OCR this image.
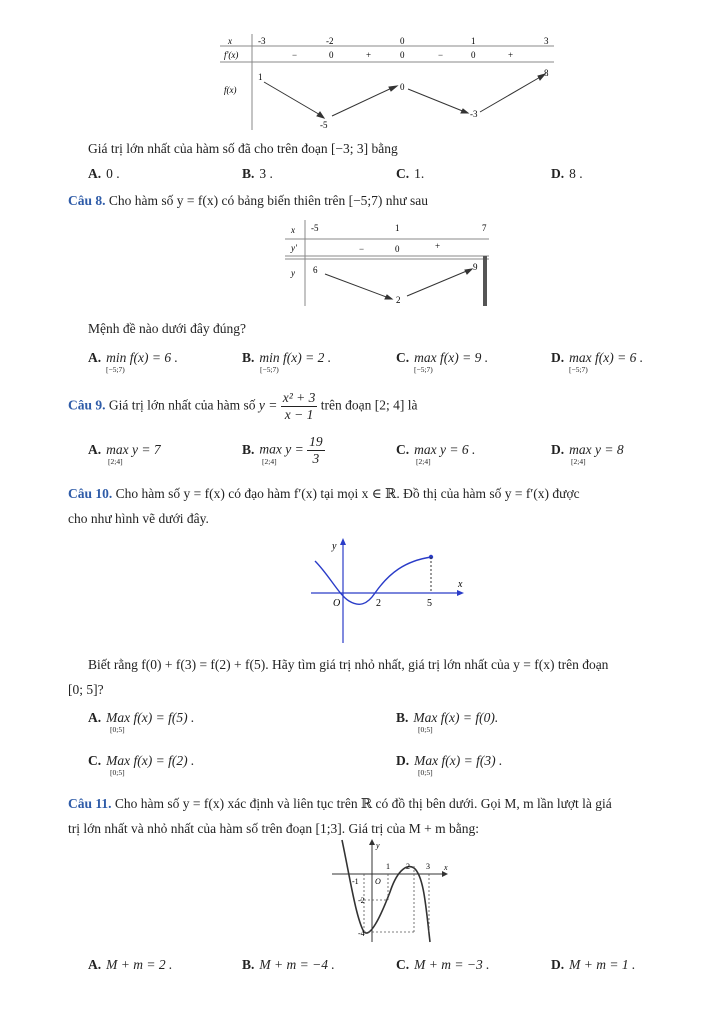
x	-3	-2	0	1	3
f'(x)	−	0	+	0	−	0	+
f(x)
1
-5
0
-3
8
Giá trị lớn nhất của hàm số đã cho trên đoạn [−3; 3] bằng
A. 0 .	B. 3 .	C. 1.	D. 8 .
Câu 8. Cho hàm số y = f(x) có bảng biến thiên trên [−5;7) như sau
x -5	1	7
y'	−	0	+
y 6
2
9
Mệnh đề nào dưới đây đúng?
A. min f(x) = 6 .
[−5;7)
B. min f(x) = 2 .
[−5;7)
C. max f(x) = 9 .
[−5;7)
D. max f(x) = 6 .
[−5;7)
Câu 9. Giá trị lớn nhất của hàm số $y = \frac{\text{x² + 3}}{x - 1}$ trên đoạn [2; 4] là
A. max y = 7
[2;4]
B. $\max y = \frac{19}{3}$
[2;4]
C. max y = 6 .
[2;4]
D. max y = 8
[2;4]
Câu 10. Cho hàm số y = f(x) có đạo hàm f′(x) tại mọi x ∈ ℝ. Đồ thị của hàm số y = f′(x) được
cho như hình vẽ dưới đây.
y
x
O	2	5
Biết rằng f(0) + f(3) = f(2) + f(5). Hãy tìm giá trị nhỏ nhất, giá trị lớn nhất của y = f(x) trên đoạn
[0; 5]?
A. Max f(x) = f(5) .
[0;5]
B. Max f(x) = f(0).
[0;5]
C. Max f(x) = f(2) .
[0;5]
D. Max f(x) = f(3) .
[0;5]
Câu 11. Cho hàm số y = f(x) xác định và liên tục trên ℝ có đồ thị bên dưới. Gọi M, m lần lượt là giá
trị lớn nhất và nhỏ nhất của hàm số trên đoạn [1;3]. Giá trị của M + m bằng:
y
x
O
-1
1 2 3
-2
-4
A. M + m = 2 .	B. M + m = −4 .	C. M + m = −3 .	D. M + m = 1 .
